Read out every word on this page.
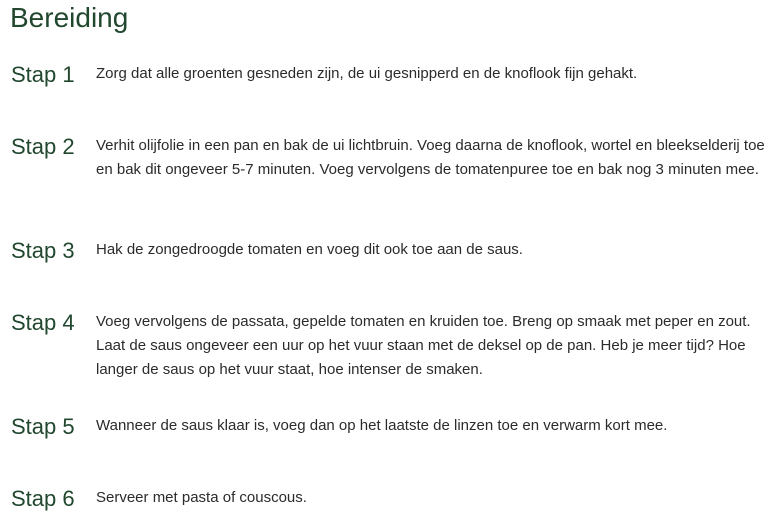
Bereiding
Stap 1 Zorg dat alle groenten gesneden zijn, de ui gesnipperd en de knoflook fijn gehakt.

Stap 2 Verhit olijfolie in een pan en bak de ui lichtbruin. Voeg daarna de knoflook, wortel en bleekselderij toe en bak dit ongeveer 5-7 minuten. Voeg vervolgens de tomatenpuree toe en bak nog 3 minuten mee.

Stap 3 Hak de zongedroogde tomaten en voeg dit ook toe aan de saus.

Stap 4 Voeg vervolgens de passata, gepelde tomaten en kruiden toe. Breng op smaak met peper en zout. Laat de saus ongeveer een uur op het vuur staan met de deksel op de pan. Heb je meer tijd? Hoe langer de saus op het vuur staat, hoe intenser de smaken.

Stap 5 Wanneer de saus klaar is, voeg dan op het laatste de linzen toe en verwarm kort mee.

Stap 6 Serveer met pasta of couscous.
